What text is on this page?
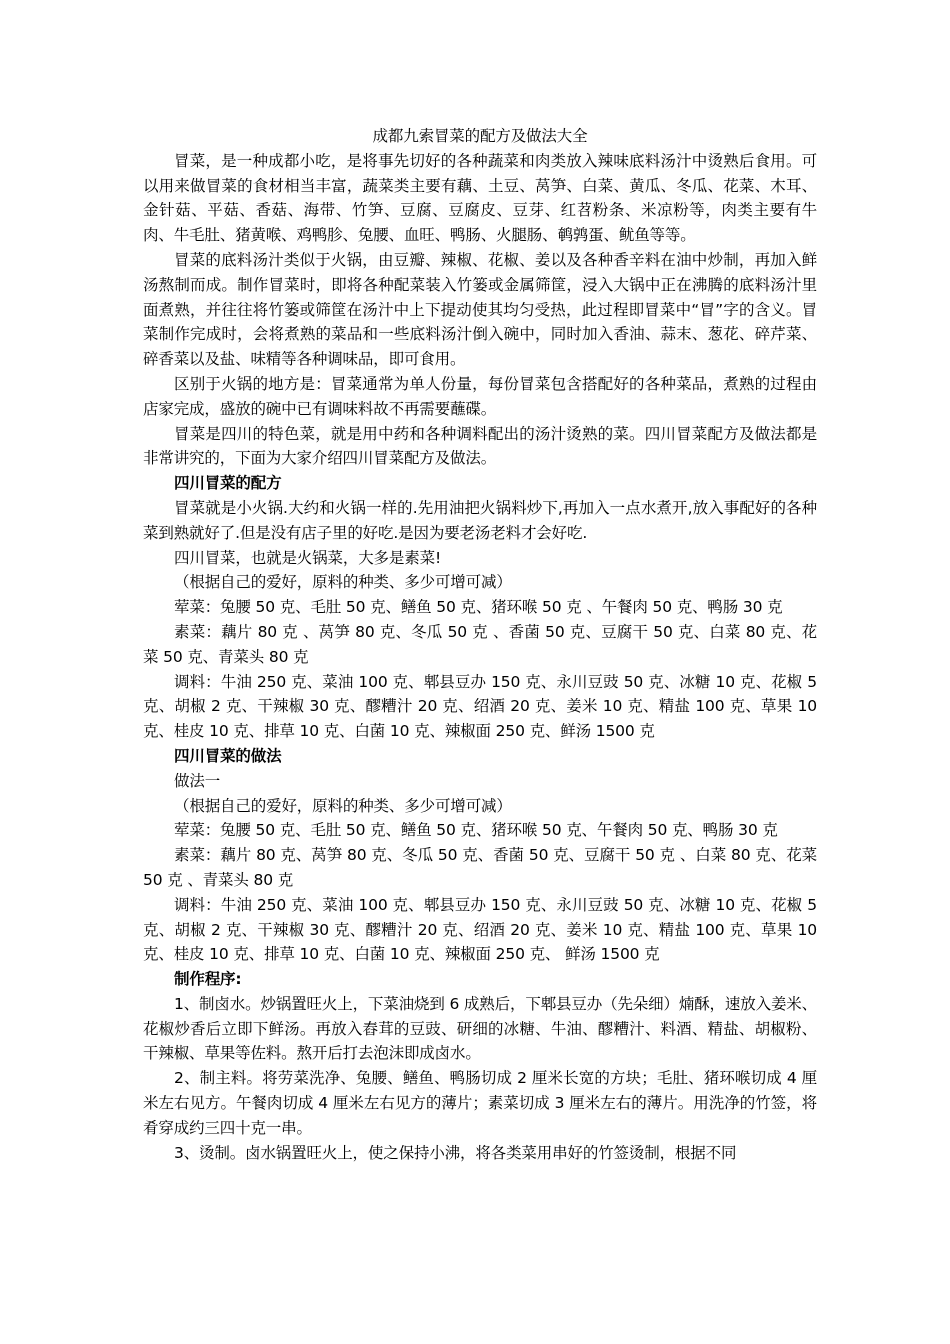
成都九索冒菜的配方及做法大全

冒菜，是一种成都小吃，是将事先切好的各种蔬菜和肉类放入辣味底料汤汁中烫熟后食用。可以用来做冒菜的食材相当丰富，蔬菜类主要有藕、土豆、莴笋、白菜、黄瓜、冬瓜、花菜、木耳、金针菇、平菇、香菇、海带、竹笋、豆腐、豆腐皮、豆芽、红苕粉条、米凉粉等，肉类主要有牛肉、牛毛肚、猪黄喉、鸡鸭胗、兔腰、血旺、鸭肠、火腿肠、鹌鹑蛋、鱿鱼等等。

冒菜的底料汤汁类似于火锅，由豆瓣、辣椒、花椒、姜以及各种香辛料在油中炒制，再加入鲜汤熬制而成。制作冒菜时，即将各种配菜装入竹篓或金属筛筐，浸入大锅中正在沸腾的底料汤汁里面煮熟，并往往将竹篓或筛筐在汤汁中上下提动使其均匀受热，此过程即冒菜中“冒”字的含义。冒菜制作完成时，会将煮熟的菜品和一些底料汤汁倒入碗中，同时加入香油、蒜末、葱花、碎芹菜、碎香菜以及盐、味精等各种调味品，即可食用。

区别于火锅的地方是：冒菜通常为单人份量，每份冒菜包含搭配好的各种菜品，煮熟的过程由店家完成，盛放的碗中已有调味料故不再需要蘸碟。

冒菜是四川的特色菜，就是用中药和各种调料配出的汤汁烫熟的菜。四川冒菜配方及做法都是非常讲究的，下面为大家介绍四川冒菜配方及做法。

四川冒菜的配方

冒菜就是小火锅.大约和火锅一样的.先用油把火锅料炒下,再加入一点水煮开,放入事配好的各种菜到熟就好了.但是没有店子里的好吃.是因为要老汤老料才会好吃.

四川冒菜，也就是火锅菜，大多是素菜!

（根据自己的爱好，原料的种类、多少可增可减）

荤菜：兔腰 50 克、毛肚 50 克、鳝鱼 50 克、猪环喉 50 克 、午餐肉 50 克、鸭肠 30 克

素菜：藕片 80 克 、莴笋 80 克、冬瓜 50 克 、香菌 50 克、豆腐干 50 克、白菜 80 克、花菜 50 克、青菜头 80 克

调料：牛油 250 克、菜油 100 克、郫县豆办 150 克、永川豆豉 50 克、冰糖 10 克、花椒 5 克、胡椒 2 克、干辣椒 30 克、醪糟汁 20 克、绍酒 20 克、姜米 10 克、精盐 100 克、草果 10 克、桂皮 10 克、排草 10 克、白菌 10 克、辣椒面 250 克、鲜汤 1500 克

四川冒菜的做法

做法一

（根据自己的爱好，原料的种类、多少可增可减）

荤菜：兔腰 50 克、毛肚 50 克、鳝鱼 50 克、猪环喉 50 克、午餐肉 50 克、鸭肠 30 克

素菜：藕片 80 克、莴笋 80 克、冬瓜 50 克、香菌 50 克、豆腐干 50 克 、白菜 80 克、花菜 50 克 、青菜头 80 克

调料：牛油 250 克、菜油 100 克、郫县豆办 150 克、永川豆豉 50 克、冰糖 10 克、花椒 5 克、胡椒 2 克、干辣椒 30 克、醪糟汁 20 克、绍酒 20 克、姜米 10 克、精盐 100 克、草果 10 克、桂皮 10 克、排草 10 克、白菌 10 克、辣椒面 250 克、 鲜汤 1500 克

制作程序:

1、制卤水。炒锅置旺火上，下菜油烧到 6 成熟后，下郫县豆办（先朵细）煵酥，速放入姜米、花椒炒香后立即下鲜汤。再放入舂茸的豆豉、研细的冰糖、牛油、醪糟汁、料酒、精盐、胡椒粉、干辣椒、草果等佐料。熬开后打去泡沫即成卤水。

2、制主料。将劳菜洗净、兔腰、鳝鱼、鸭肠切成 2 厘米长宽的方块；毛肚、猪环喉切成 4 厘米左右见方。午餐肉切成 4 厘米左右见方的薄片；素菜切成 3 厘米左右的薄片。用洗净的竹签，将肴穿成约三四十克一串。

3、烫制。卤水锅置旺火上，使之保持小沸，将各类菜用串好的竹签烫制，根据不同
